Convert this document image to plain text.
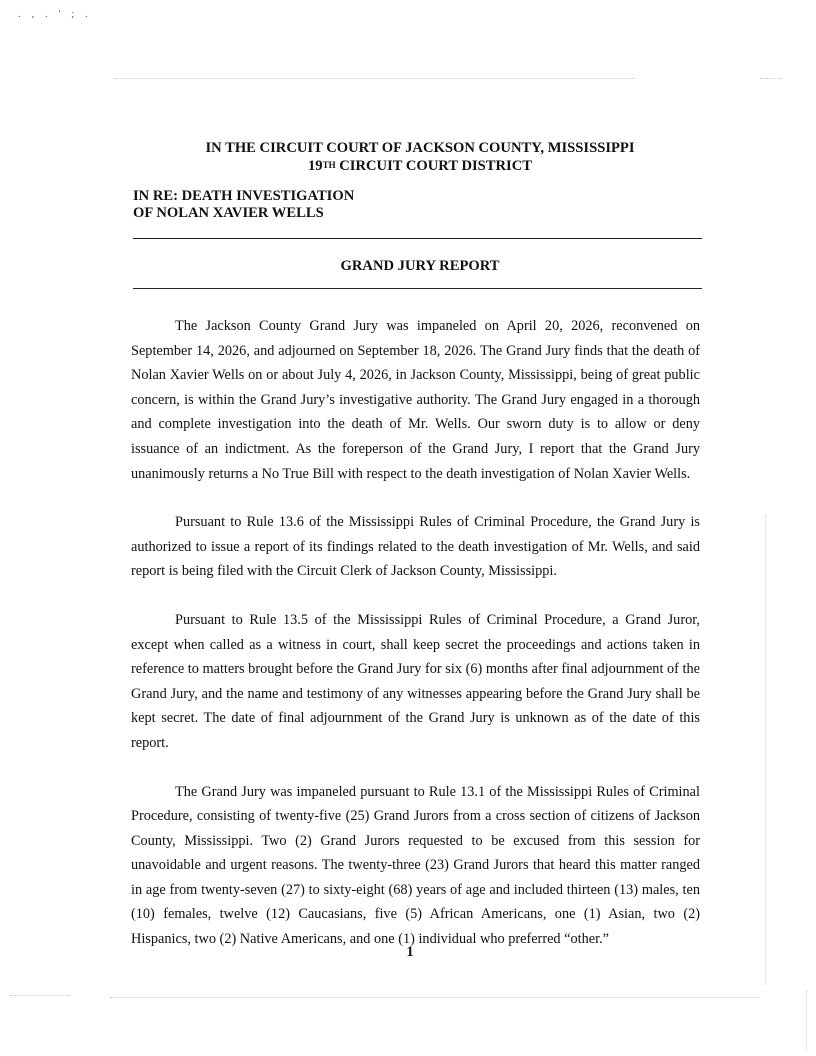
. , . ' ; .
IN THE CIRCUIT COURT OF JACKSON COUNTY, MISSISSIPPI
19TH CIRCUIT COURT DISTRICT
IN RE: DEATH INVESTIGATION
OF NOLAN XAVIER WELLS
GRAND JURY REPORT

The Jackson County Grand Jury was impaneled on April 20, 2026, reconvened on September 14, 2026, and adjourned on September 18, 2026. The Grand Jury finds that the death of Nolan Xavier Wells on or about July 4, 2026, in Jackson County, Mississippi, being of great public concern, is within the Grand Jury’s investigative authority. The Grand Jury engaged in a thorough and complete investigation into the death of Mr. Wells. Our sworn duty is to allow or deny issuance of an indictment. As the foreperson of the Grand Jury, I report that the Grand Jury unanimously returns a No True Bill with respect to the death investigation of Nolan Xavier Wells.

Pursuant to Rule 13.6 of the Mississippi Rules of Criminal Procedure, the Grand Jury is authorized to issue a report of its findings related to the death investigation of Mr. Wells, and said report is being filed with the Circuit Clerk of Jackson County, Mississippi.

Pursuant to Rule 13.5 of the Mississippi Rules of Criminal Procedure, a Grand Juror, except when called as a witness in court, shall keep secret the proceedings and actions taken in reference to matters brought before the Grand Jury for six (6) months after final adjournment of the Grand Jury, and the name and testimony of any witnesses appearing before the Grand Jury shall be kept secret. The date of final adjournment of the Grand Jury is unknown as of the date of this report.

The Grand Jury was impaneled pursuant to Rule 13.1 of the Mississippi Rules of Criminal Procedure, consisting of twenty-five (25) Grand Jurors from a cross section of citizens of Jackson County, Mississippi. Two (2) Grand Jurors requested to be excused from this session for unavoidable and urgent reasons. The twenty-three (23) Grand Jurors that heard this matter ranged in age from twenty-seven (27) to sixty-eight (68) years of age and included thirteen (13) males, ten (10) females, twelve (12) Caucasians, five (5) African Americans, one (1) Asian, two (2) Hispanics, two (2) Native Americans, and one (1) individual who preferred “other.”

1
